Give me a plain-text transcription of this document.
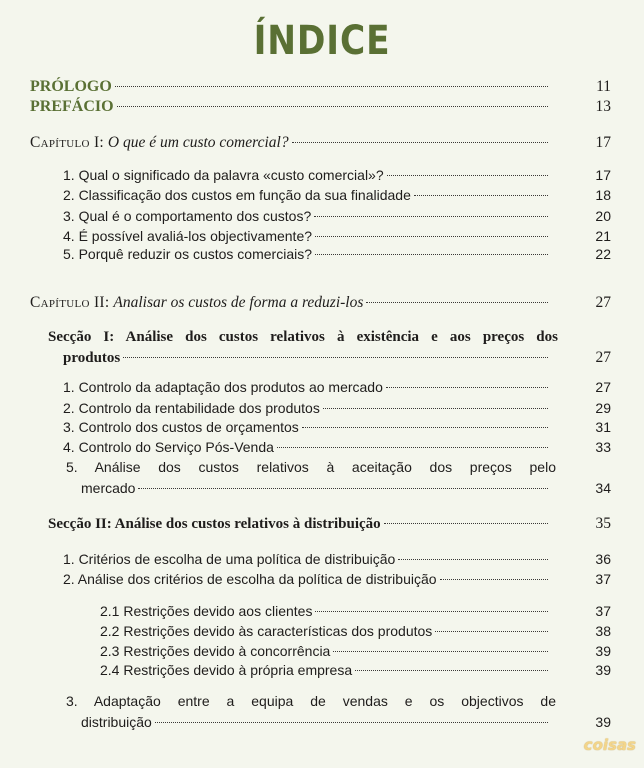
ÍNDICE
PRÓLOGO	11
PREFÁCIO	13
Capítulo I: O que é um custo comercial?	17
1. Qual o significado da palavra «custo comercial»?	17
2. Classificação dos custos em função da sua finalidade	18
3. Qual é o comportamento dos custos?	20
4. É possível avaliá-los objectivamente?	21
5. Porquê reduzir os custos comerciais?	22
Capítulo II: Analisar os custos de forma a reduzi-los	27
Secção I: Análise dos custos relativos à existência e aos preços dos
produtos	27
1. Controlo da adaptação dos produtos ao mercado	27
2. Controlo da rentabilidade dos produtos	29
3. Controlo dos custos de orçamentos	31
4. Controlo do Serviço Pós-Venda	33
5. Análise dos custos relativos à aceitação dos preços pelo
mercado	34
Secção II: Análise dos custos relativos à distribuição	35
1. Critérios de escolha de uma política de distribuição	36
2. Análise dos critérios de escolha da política de distribuição	37
2.1 Restrições devido aos clientes	37
2.2 Restrições devido às características dos produtos	38
2.3 Restrições devido à concorrência	39
2.4 Restrições devido à própria empresa	39
3. Adaptação entre a equipa de vendas e os objectivos de
distribuição	39
coisas
